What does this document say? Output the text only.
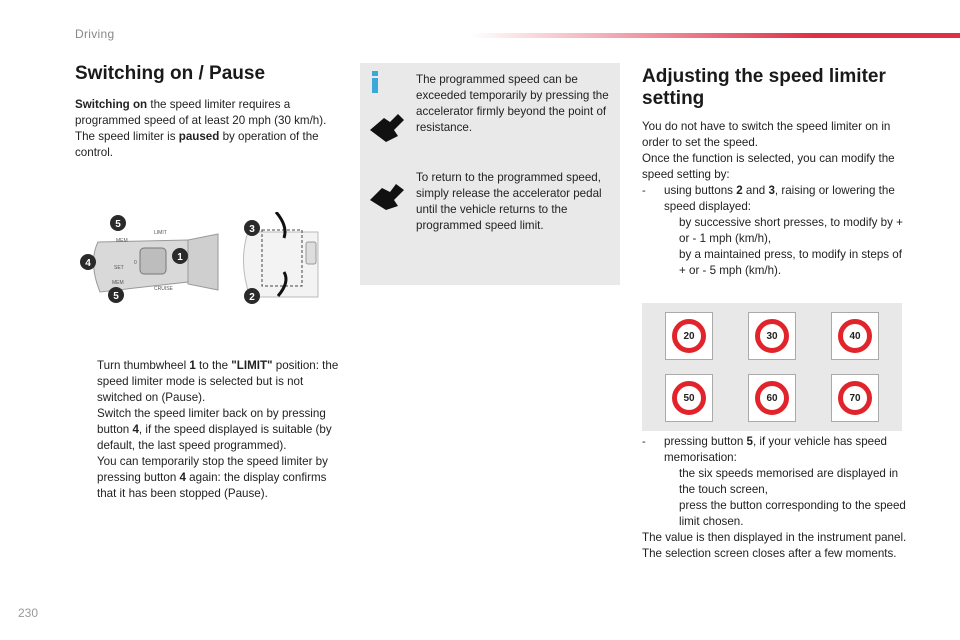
Driving
Switching on / Pause
Switching on the speed limiter requires a programmed speed of at least 20 mph (30 km/h). The speed limiter is paused by operation of the control.
MEM
LIMIT
CRUISE
MEM
0
SET
5
4
5
1
3
2
Turn thumbwheel 1 to the "LIMIT" position: the speed limiter mode is selected but is not switched on (Pause).
Switch the speed limiter back on by pressing button 4, if the speed displayed is suitable (by default, the last speed programmed).
You can temporarily stop the speed limiter by pressing button 4 again: the display confirms that it has been stopped (Pause).
The programmed speed can be exceeded temporarily by pressing the accelerator firmly beyond the point of resistance.
To return to the programmed speed, simply release the accelerator pedal until the vehicle returns to the programmed speed limit.
Adjusting the speed limiter setting
You do not have to switch the speed limiter on in order to set the speed.
Once the function is selected, you can modify the speed setting by:
- using buttons 2 and 3, raising or lowering the speed displayed:
by successive short presses, to modify by + or - 1 mph (km/h),
by a maintained press, to modify in steps of + or - 5 mph (km/h).
20	30	40
50	60	70
- pressing button 5, if your vehicle has speed memorisation:
the six speeds memorised are displayed in the touch screen,
press the button corresponding to the speed limit chosen.
The value is then displayed in the instrument panel.
The selection screen closes after a few moments.
230
